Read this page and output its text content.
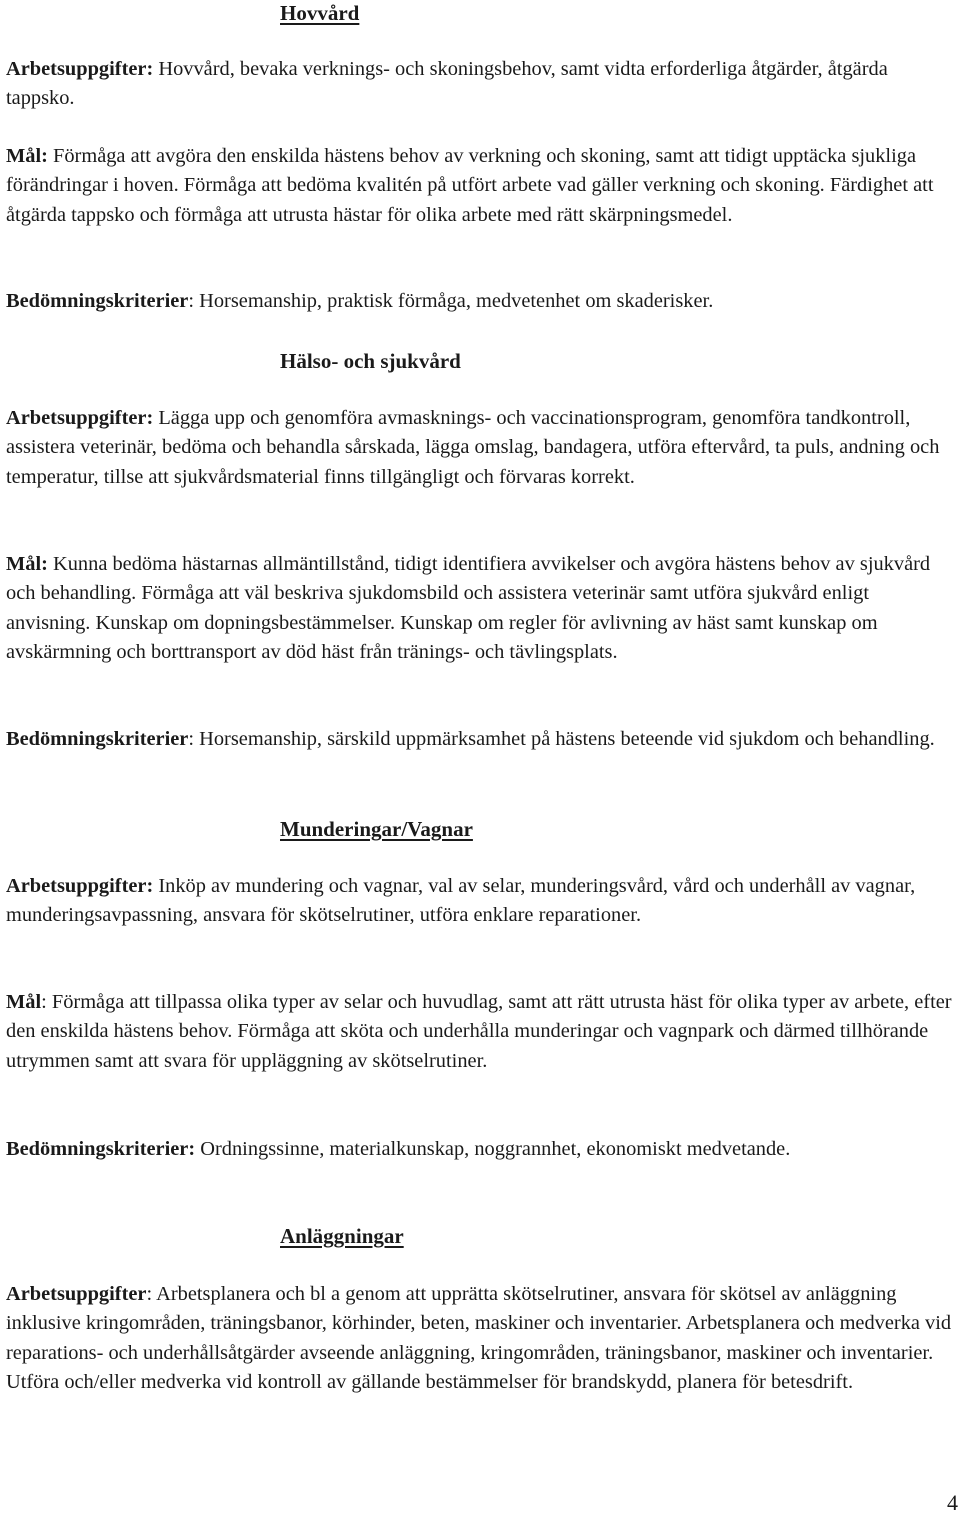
Hovvård

Arbetsuppgifter: Hovvård, bevaka verknings- och skoningsbehov, samt vidta erforderliga åtgärder, åtgärda tappsko.

Mål: Förmåga att avgöra den enskilda hästens behov av verkning och skoning, samt att tidigt upptäcka sjukliga förändringar i hoven. Förmåga att bedöma kvalitén på utfört arbete vad gäller verkning och skoning. Färdighet att åtgärda tappsko och förmåga att utrusta hästar för olika arbete med rätt skärpningsmedel.

Bedömningskriterier: Horsemanship, praktisk förmåga, medvetenhet om skaderisker.

Hälso- och sjukvård

Arbetsuppgifter: Lägga upp och genomföra avmasknings- och vaccinationsprogram, genomföra tandkontroll, assistera veterinär, bedöma och behandla sårskada, lägga omslag, bandagera, utföra eftervård, ta puls, andning och temperatur, tillse att sjukvårdsmaterial finns tillgängligt och förvaras korrekt.

Mål: Kunna bedöma hästarnas allmäntillstånd, tidigt identifiera avvikelser och avgöra hästens behov av sjukvård och behandling. Förmåga att väl beskriva sjukdomsbild och assistera veterinär samt utföra sjukvård enligt anvisning. Kunskap om dopningsbestämmelser. Kunskap om regler för avlivning av häst samt kunskap om avskärmning och borttransport av död häst från tränings- och tävlingsplats.

Bedömningskriterier: Horsemanship, särskild uppmärksamhet på hästens beteende vid sjukdom och behandling.

Munderingar/Vagnar

Arbetsuppgifter: Inköp av mundering och vagnar, val av selar, munderingsvård, vård och underhåll av vagnar, munderingsavpassning, ansvara för skötselrutiner, utföra enklare reparationer.

Mål: Förmåga att tillpassa olika typer av selar och huvudlag, samt att rätt utrusta häst för olika typer av arbete, efter den enskilda hästens behov. Förmåga att sköta och underhålla munderingar och vagnpark och därmed tillhörande utrymmen samt att svara för uppläggning av skötselrutiner.

Bedömningskriterier: Ordningssinne, materialkunskap, noggrannhet, ekonomiskt medvetande.

Anläggningar

Arbetsuppgifter: Arbetsplanera och bl a genom att upprätta skötselrutiner, ansvara för skötsel av anläggning inklusive kringområden, träningsbanor, körhinder, beten, maskiner och inventarier. Arbetsplanera och medverka vid reparations- och underhållsåtgärder avseende anläggning, kringområden, träningsbanor, maskiner och inventarier. Utföra och/eller medverka vid kontroll av gällande bestämmelser för brandskydd, planera för betesdrift.

4
